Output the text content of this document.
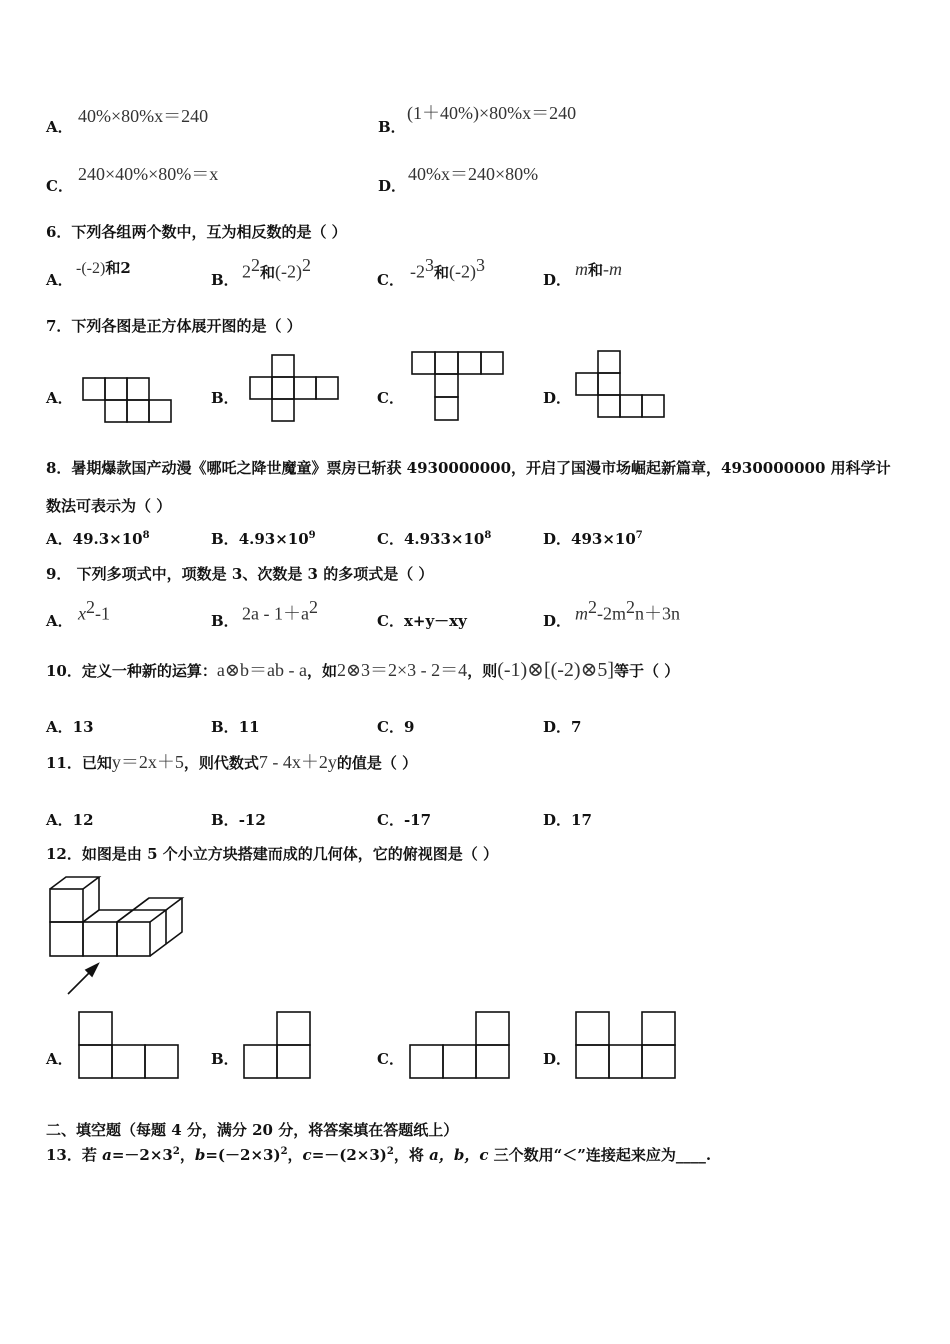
A．
40%×80%x＝240
B．
(1＋40%)×80%x＝240
C．
240×40%×80%＝x
D．
40%x＝240×80%
6．下列各组两个数中，互为相反数的是（ ）
A．
-(-2)和2
B． $2^2$和$(-2)^2$
C． $-2^3$和$(-2)^3$
D．
m和-m
7．下列各图是正方体展开图的是（ ）
A．	B．	C．	D．
8．暑期爆款国产动漫《哪吒之降世魔童》票房已斩获 4930000000，开启了国漫市场崛起新篇章，4930000000 用科学计
数法可表示为（ ）
A．$49.3\times 10^8$	B．$4.93\times 10^9$	C．$4.933\times 10^8$	D．$493\times 10^7$
9． 下列多项式中，项数是 3、次数是 3 的多项式是（ ）
A． $x^2-1$	B． $2a - 1+a^2$
C．x+y－xy	D． $m^2-2m^2n+3n$
10．定义一种新的运算：a⊗b＝ab - a，如2⊗3＝2×3 - 2＝4，则(-1)⊗[(-2)⊗5]等于（ ）
A．13	B．11	C．9	D．7
11．已知y＝2x＋5，则代数式7 - 4x＋2y的值是（ ）
A．12	B．-12	C．-17	D．17
12．如图是由 5 个小立方块搭建而成的几何体，它的俯视图是（ ）
A．	B．	C．	D．
二、填空题（每题 4 分，满分 20 分，将答案填在答题纸上）
13．若 $a=-2\times 3^2$，$b=(-2\times 3)^2$，$c=-(2\times 3)^2$，将 a，b，c 三个数用“＜”连接起来应为____.
